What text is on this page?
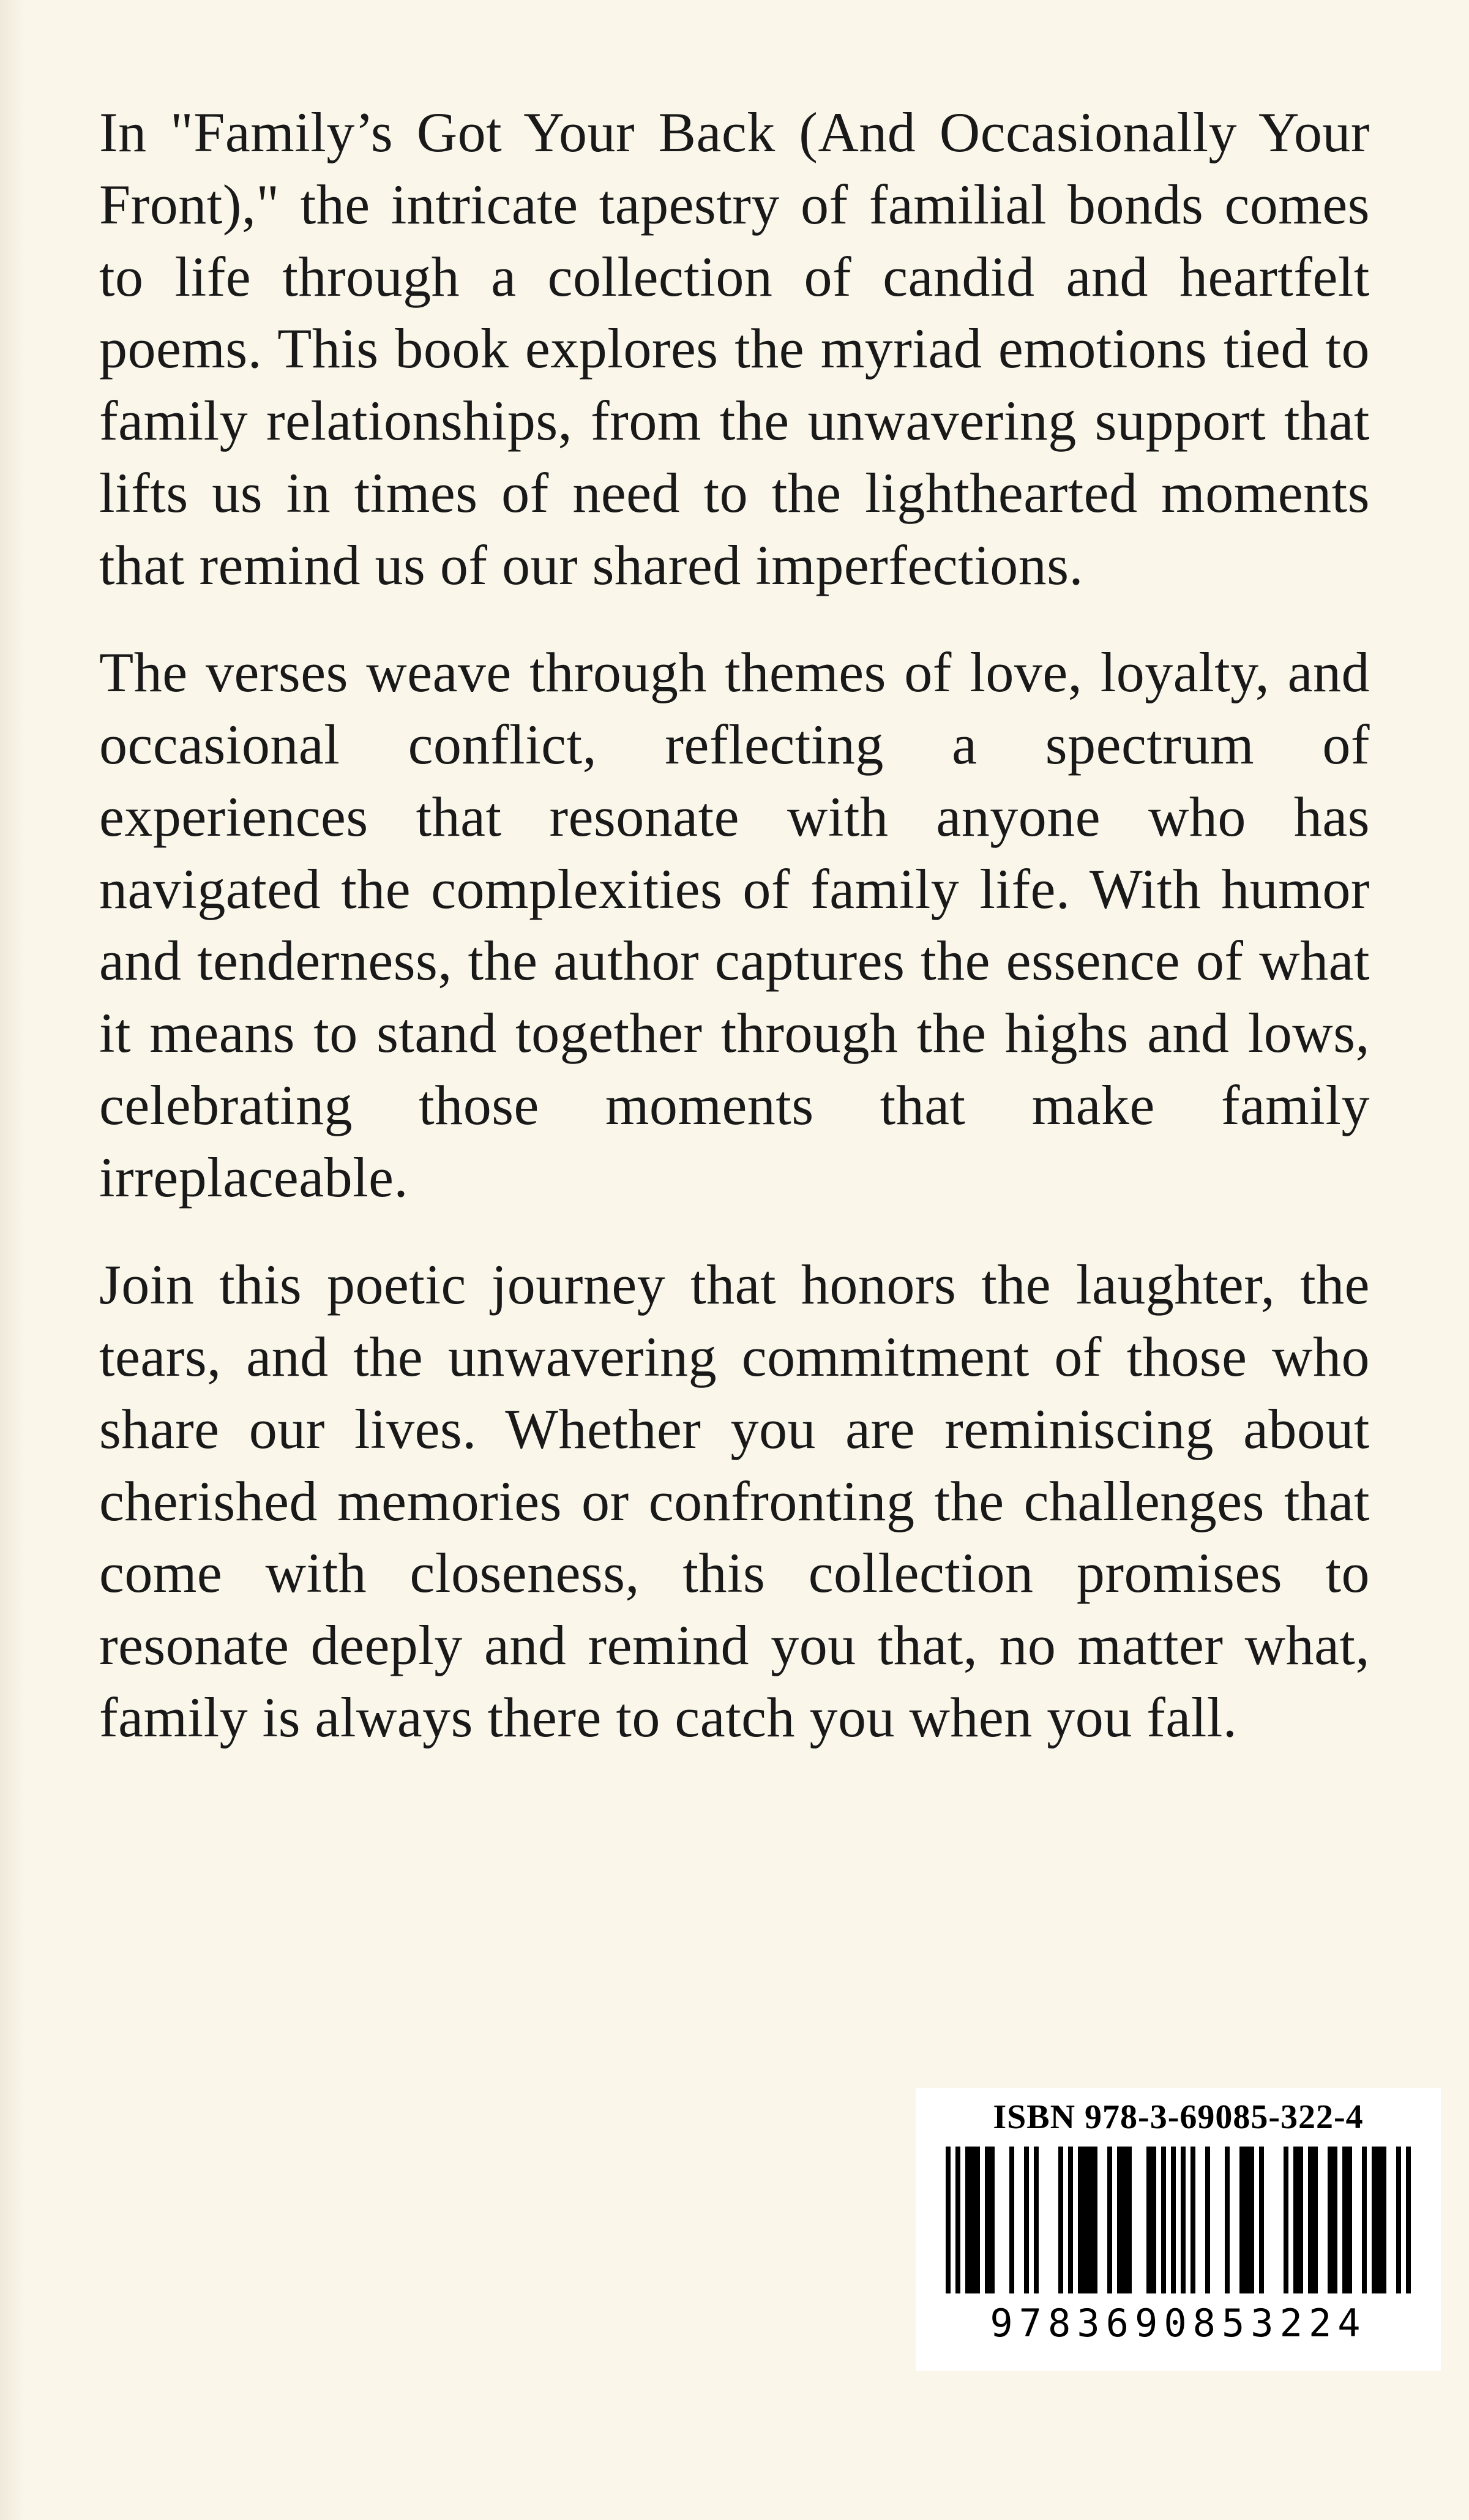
In "Family’s Got Your Back (And Occasionally Your Front)," the intricate tapestry of familial bonds comes to life through a collection of candid and heartfelt poems. This book explores the myriad emotions tied to family relationships, from the unwavering support that lifts us in times of need to the lighthearted moments that remind us of our shared imperfections.

The verses weave through themes of love, loyalty, and occasional conflict, reflecting a spectrum of experiences that resonate with anyone who has navigated the complexities of family life. With humor and tenderness, the author captures the essence of what it means to stand together through the highs and lows, celebrating those moments that make family irreplaceable.

Join this poetic journey that honors the laughter, the tears, and the unwavering commitment of those who share our lives. Whether you are reminiscing about cherished memories or confronting the challenges that come with closeness, this collection promises to resonate deeply and remind you that, no matter what, family is always there to catch you when you fall.

ISBN 978-3-69085-322-4
9783690853224
